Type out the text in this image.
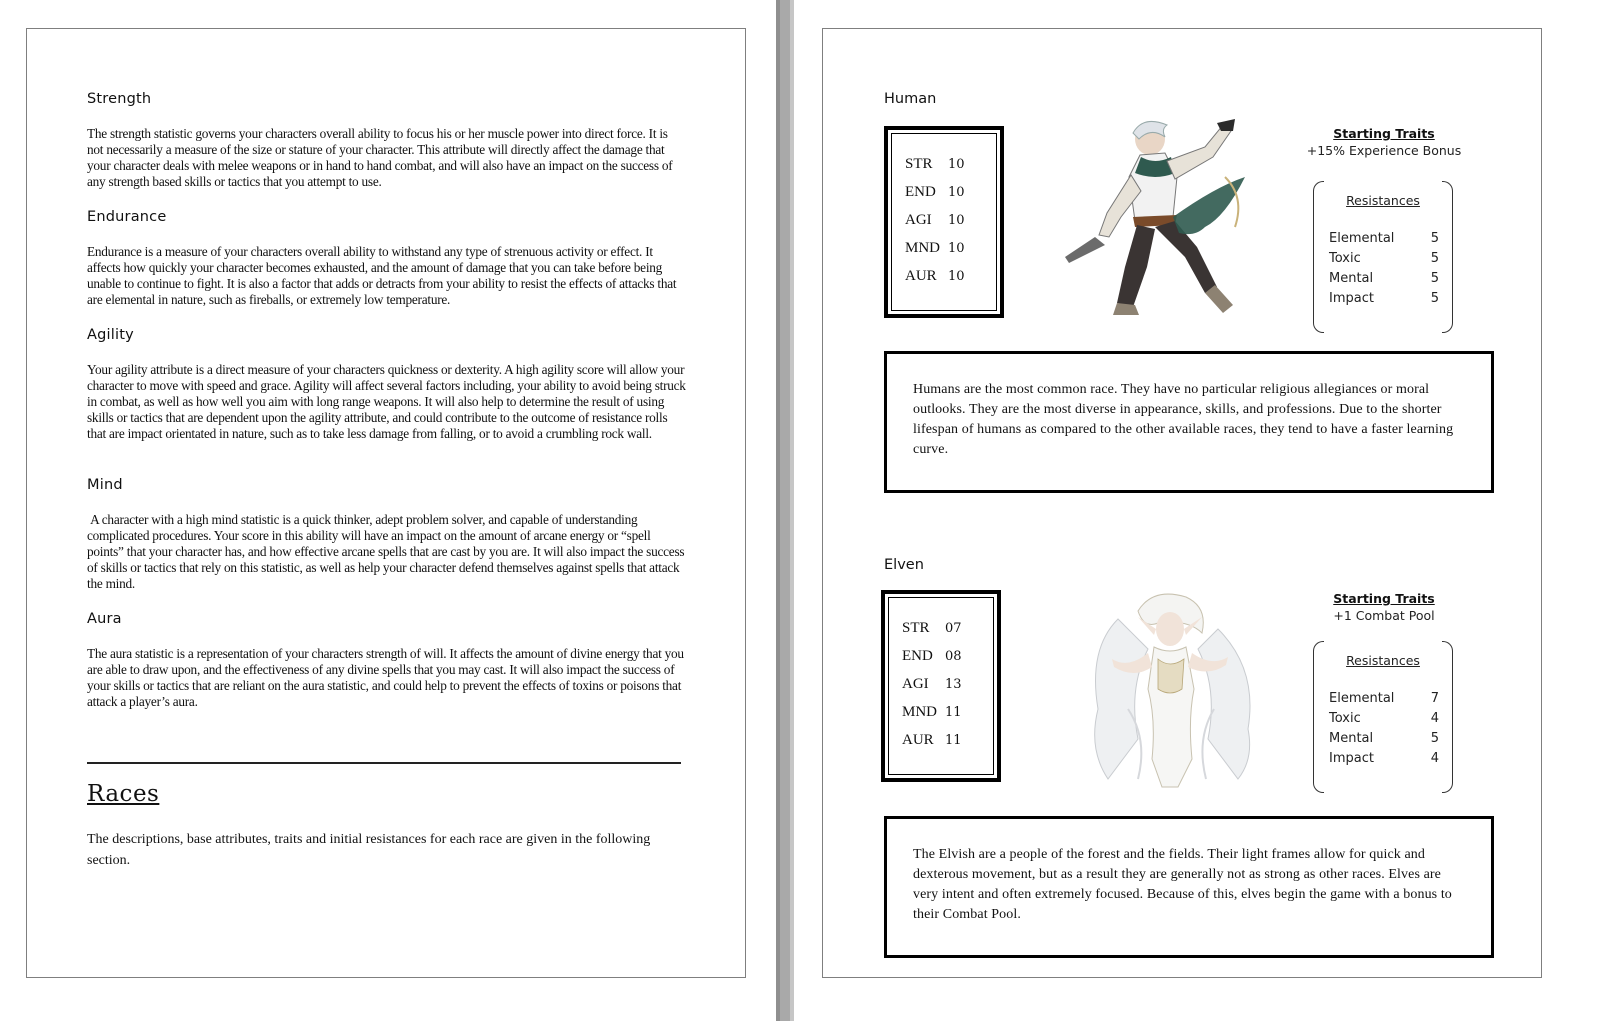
Strength
The strength statistic governs your characters overall ability to focus his or her muscle power into direct force. It is not necessarily a measure of the size or stature of your character. This attribute will directly affect the damage that your character deals with melee weapons or in hand to hand combat, and will also have an impact on the success of any strength based skills or tactics that you attempt to use.
Endurance
Endurance is a measure of your characters overall ability to withstand any type of strenuous activity or effect. It affects how quickly your character becomes exhausted, and the amount of damage that you can take before being unable to continue to fight. It is also a factor that adds or detracts from your ability to resist the effects of attacks that are elemental in nature, such as fireballs, or extremely low temperature.
Agility
Your agility attribute is a direct measure of your characters quickness or dexterity. A high agility score will allow your character to move with speed and grace. Agility will affect several factors including, your ability to avoid being struck in combat, as well as how well you aim with long range weapons. It will also help to determine the result of using skills or tactics that are dependent upon the agility attribute, and could contribute to the outcome of resistance rolls that are impact orientated in nature, such as to take less damage from falling, or to avoid a crumbling rock wall.
Mind
A character with a high mind statistic is a quick thinker, adept problem solver, and capable of understanding complicated procedures. Your score in this ability will have an impact on the amount of arcane energy or “spell points” that your character has, and how effective arcane spells that are cast by you are. It will also impact the success of skills or tactics that rely on this statistic, as well as help your character defend themselves against spells that attack the mind.
Aura
The aura statistic is a representation of your characters strength of will. It affects the amount of divine energy that you are able to draw upon, and the effectiveness of any divine spells that you may cast. It will also impact the success of your skills or tactics that are reliant on the aura statistic, and could help to prevent the effects of toxins or poisons that attack a player’s aura.
Races
The descriptions, base attributes, traits and initial resistances for each race are given in the following section.
Human
STR 10
END 10
AGI 10
MND 10
AUR 10
Starting Traits
+15% Experience Bonus
Resistances
Elemental	5
Toxic	5
Mental	5
Impact	5
Humans are the most common race. They have no particular religious allegiances or moral outlooks. They are the most diverse in appearance, skills, and professions. Due to the shorter lifespan of humans as compared to the other available races, they tend to have a faster learning curve.
Elven
STR 07
END 08
AGI 13
MND 11
AUR 11
Starting Traits
+1 Combat Pool
Resistances
Elemental	7
Toxic	4
Mental	5
Impact	4
The Elvish are a people of the forest and the fields. Their light frames allow for quick and dexterous movement, but as a result they are generally not as strong as other races. Elves are very intent and often extremely focused. Because of this, elves begin the game with a bonus to their Combat Pool.
